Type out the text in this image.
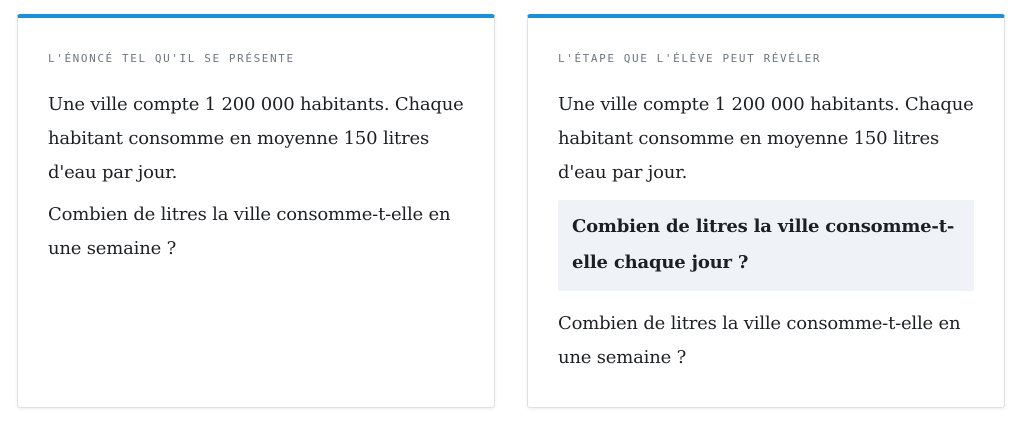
L'ÉNONCÉ TEL QU'IL SE PRÉSENTE

Une ville compte 1 200 000 habitants. Chaque habitant consomme en moyenne 150 litres d'eau par jour.

Combien de litres la ville consomme-t-elle en une semaine ?

L'ÉTAPE QUE L'ÉLÈVE PEUT RÉVÉLER

Une ville compte 1 200 000 habitants. Chaque habitant consomme en moyenne 150 litres d'eau par jour.

Combien de litres la ville consomme-t-elle chaque jour ?

Combien de litres la ville consomme-t-elle en une semaine ?
